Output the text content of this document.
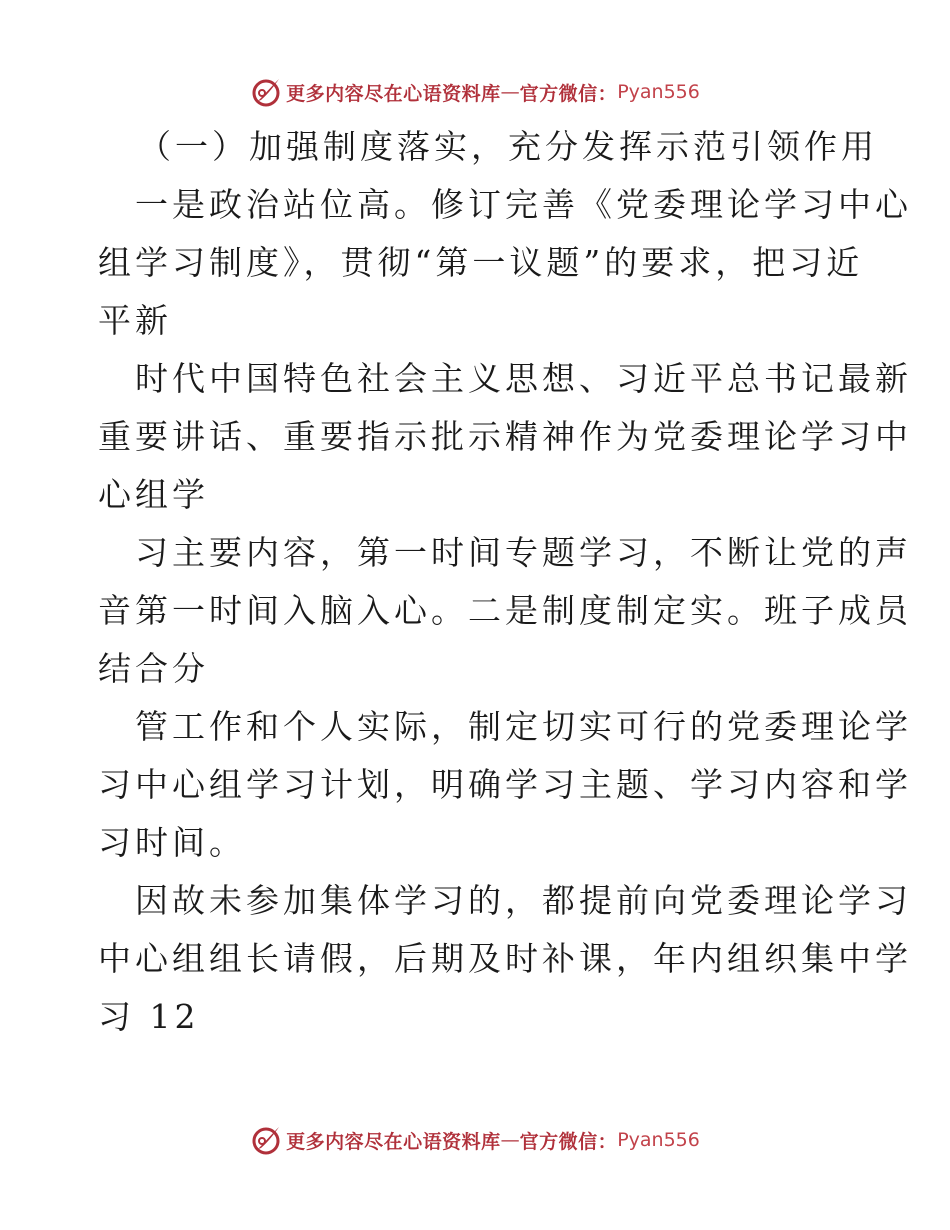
更多内容尽在心语资料库 — 官方微信： Pyan556
（一）加强制度落实，充分发挥示范引领作用
一是政治站位高。修订完善《党委理论学习中心
组学习制度》，贯彻“第一议题”的要求，把习近
平新
时代中国特色社会主义思想、习近平总书记最新
重要讲话、重要指示批示精神作为党委理论学习中
心组学
习主要内容，第一时间专题学习，不断让党的声
音第一时间入脑入心。二是制度制定实。班子成员
结合分
管工作和个人实际，制定切实可行的党委理论学
习中心组学习计划，明确学习主题、学习内容和学
习时间。
因故未参加集体学习的，都提前向党委理论学习
中心组组长请假，后期及时补课，年内组织集中学
习 12
更多内容尽在心语资料库 — 官方微信： Pyan556
